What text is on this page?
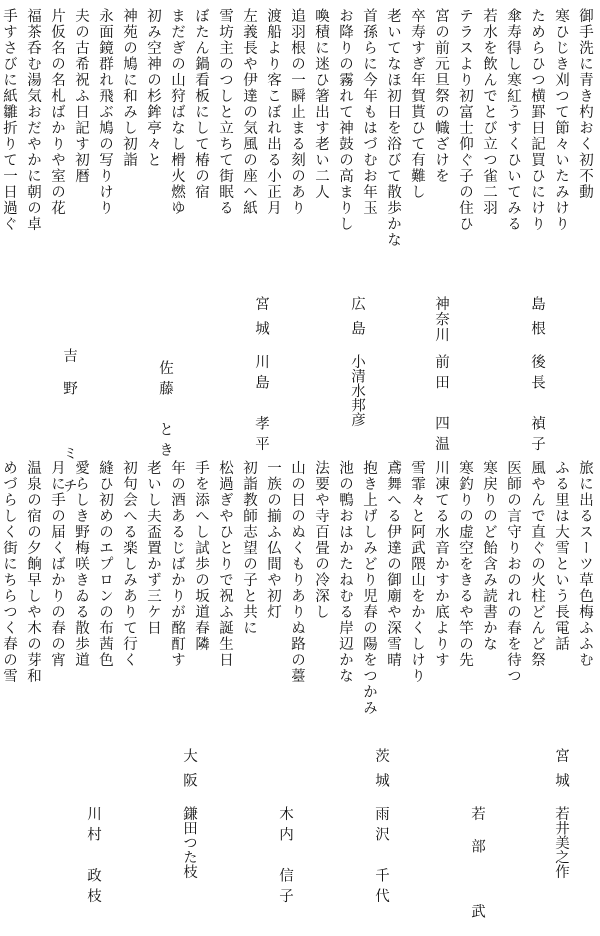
御手洗に青き杓おく初不動
寒ひじき刈つて節々いたみけり
ためらひつ横罫日記買ひにけり
傘寿得し寒紅うすくひいてみる
島根
後長　禎子
若水を飲んでとび立つ雀二羽
テラスより初富士仰ぐ子の住ひ
宮の前元旦祭の幟ざけを
卒寿すぎ年賀貰ひて有難し
神奈川
前田　四温
老いてなほ初日を浴びて散歩かな
首孫らに今年もはづむお年玉
お降りの霧れて神鼓の高まりし
喚積に迷ひ箸出す老い二人
広島
小清水邦彦
追羽根の一瞬止まる刻のあり
渡船より客こぼれ出る小正月
左義長や伊達の気風の座へ紙
雪坊主のつしと立ちて街眠る
宮城
川島　孝平
ぼたん鍋看板にして椿の宿
まだぎの山狩ばなし榾火燃ゆ
初み空神の杉鉾亭々と
神苑の鳩に和みし初詣
佐藤　とき
永面鏡群れ飛ぶ鳩の写りけり
夫の古希祝ふ日記す初暦
片仮名の名札ばかりや室の花
福茶呑む湯気おだやかに朝の卓
手すさびに紙雛折りて一日過ぐ
吉野　ミチ
旅に出るスーツ草色梅ふふむ
ふる里は大雪という長電話
風やんで直ぐの火柱どんど祭
医師の言守りおのれの春を待つ
宮城
若井美之作
寒戻りのど飴含み読書かな
寒釣りの虚空をきるや竿の先
川凍てる水音かすか底よりす
雪霏々と阿武隈山をかくしけり
若部　武
鳶舞へる伊達の御廟や深雪晴
抱き上げしみどり児春の陽をつかみ
池の鴨おはかたねむる岸辺かな
法要や寺百畳の冷深し
茨城
雨沢　千代
山の日のぬくもりありぬ路の薹
一族の揃ふ仏間や初灯
初詣教師志望の子と共に
松過ぎやひとりで祝ふ誕生日
木内　信子
手を添へし試歩の坂道春隣
年の酒あるじばかりが酩酊す
老いし夫盃置かず三ケ日
初句会へる楽しみありて行く
大阪
鎌田つた枝
縫ひ初めのエプロンの布茜色
愛らしき野梅咲きゐる散歩道
月に手の届くばかりの春の宵
温泉の宿の夕餉早しや木の芽和
めづらしく街にちらつく春の雪
川村　政枝
